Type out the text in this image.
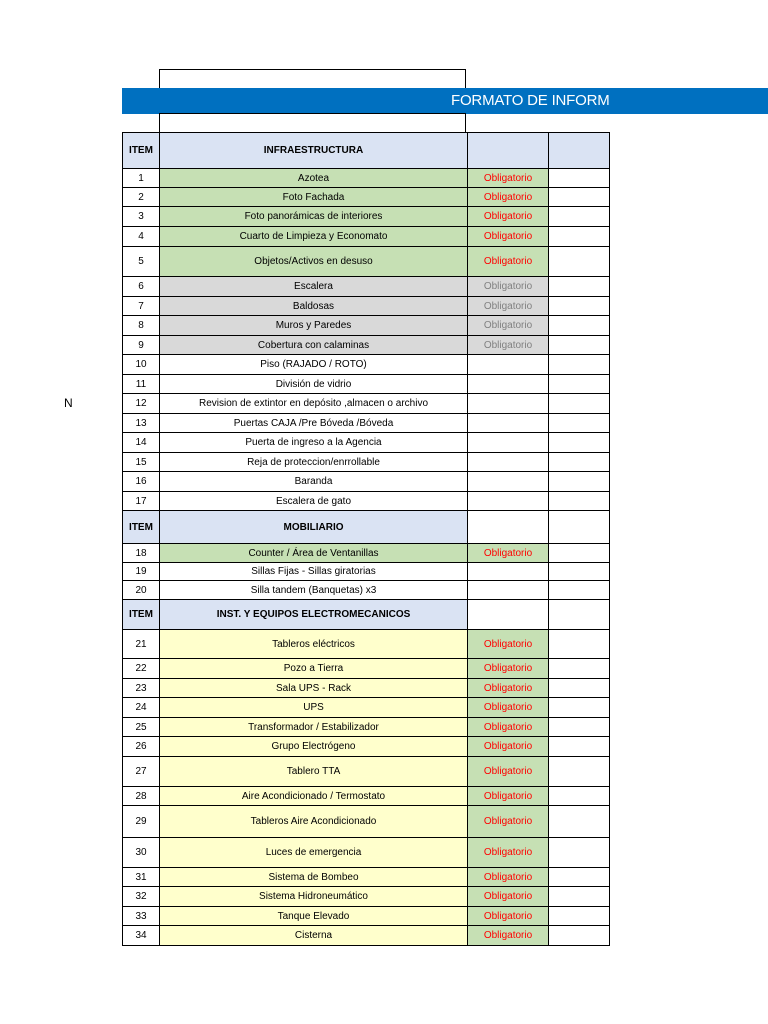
FORMATO DE INFORM
N
ITEM	INFRAESTRUCTURA		
1	Azotea	Obligatorio	
2	Foto Fachada	Obligatorio	
3	Foto panorámicas de interiores	Obligatorio	
4	Cuarto de Limpieza y Economato	Obligatorio	
5	Objetos/Activos en desuso	Obligatorio	
6	Escalera	Obligatorio	
7	Baldosas	Obligatorio	
8	Muros y Paredes	Obligatorio	
9	Cobertura con calaminas	Obligatorio	
10	Piso (RAJADO / ROTO)		
11	División de vidrio		
12	Revision de extintor en depósito ,almacen o archivo		
13	Puertas CAJA /Pre Bóveda /Bóveda		
14	Puerta de ingreso a la Agencia		
15	Reja de proteccion/enrrollable		
16	Baranda		
17	Escalera de gato		
ITEM	MOBILIARIO		
18	Counter / Área de Ventanillas	Obligatorio	
19	Sillas Fijas - Sillas giratorias		
20	Silla tandem (Banquetas) x3		
ITEM	INST. Y EQUIPOS ELECTROMECANICOS		
21	Tableros eléctricos	Obligatorio	
22	Pozo a Tierra	Obligatorio	
23	Sala UPS - Rack	Obligatorio	
24	UPS	Obligatorio	
25	Transformador / Estabilizador	Obligatorio	
26	Grupo Electrógeno	Obligatorio	
27	Tablero TTA	Obligatorio	
28	Aire Acondicionado / Termostato	Obligatorio	
29	Tableros Aire Acondicionado	Obligatorio	
30	Luces de emergencia	Obligatorio	
31	Sistema de Bombeo	Obligatorio	
32	Sistema Hidroneumático	Obligatorio	
33	Tanque Elevado	Obligatorio	
34	Cisterna	Obligatorio	
